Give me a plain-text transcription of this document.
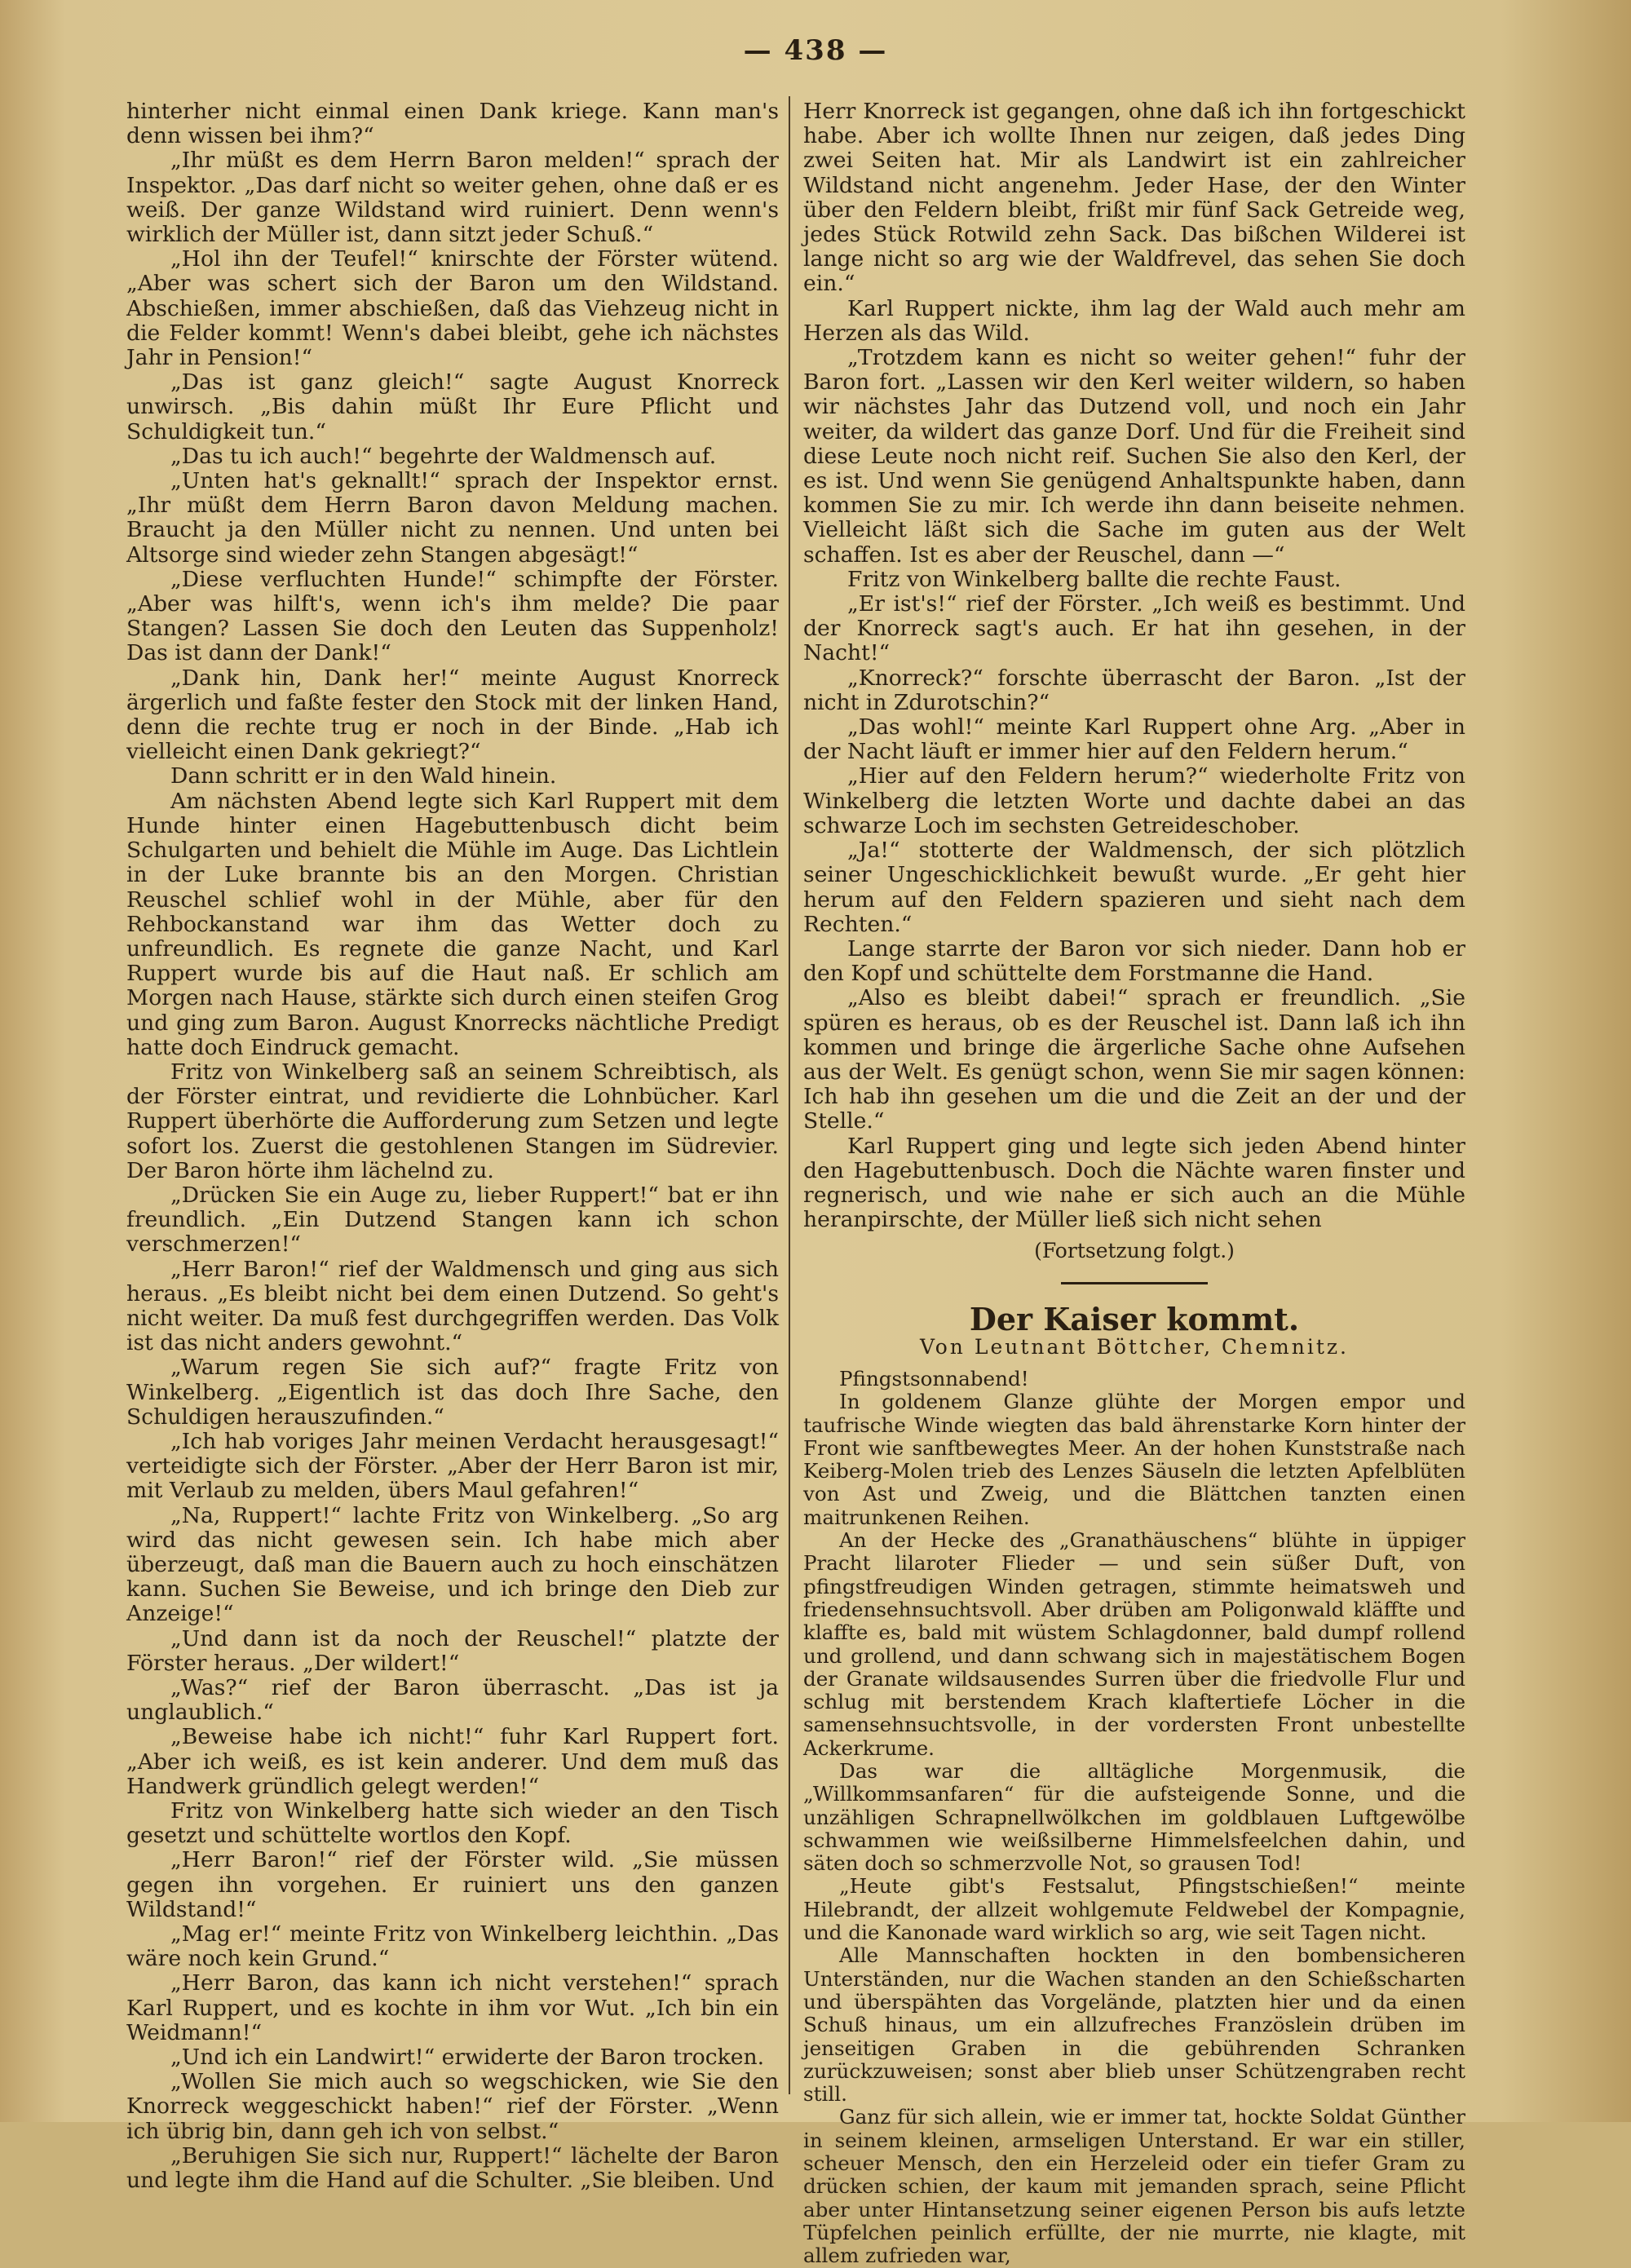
— 438 —

hinterher nicht einmal einen Dank kriege. Kann man's denn wissen bei ihm?“

„Ihr müßt es dem Herrn Baron melden!“ sprach der Inspektor. „Das darf nicht so weiter gehen, ohne daß er es weiß. Der ganze Wildstand wird ruiniert. Denn wenn's wirklich der Müller ist, dann sitzt jeder Schuß.“

„Hol ihn der Teufel!“ knirschte der Förster wütend. „Aber was schert sich der Baron um den Wildstand. Abschießen, immer abschießen, daß das Viehzeug nicht in die Felder kommt! Wenn's dabei bleibt, gehe ich nächstes Jahr in Pension!“

„Das ist ganz gleich!“ sagte August Knorreck unwirsch. „Bis dahin müßt Ihr Eure Pflicht und Schuldigkeit tun.“

„Das tu ich auch!“ begehrte der Waldmensch auf.

„Unten hat's geknallt!“ sprach der Inspektor ernst. „Ihr müßt dem Herrn Baron davon Meldung machen. Braucht ja den Müller nicht zu nennen. Und unten bei Altsorge sind wieder zehn Stangen abgesägt!“

„Diese verfluchten Hunde!“ schimpfte der Förster. „Aber was hilft's, wenn ich's ihm melde? Die paar Stangen? Lassen Sie doch den Leuten das Suppenholz! Das ist dann der Dank!“

„Dank hin, Dank her!“ meinte August Knorreck ärgerlich und faßte fester den Stock mit der linken Hand, denn die rechte trug er noch in der Binde. „Hab ich vielleicht einen Dank gekriegt?“

Dann schritt er in den Wald hinein.

Am nächsten Abend legte sich Karl Ruppert mit dem Hunde hinter einen Hagebuttenbusch dicht beim Schulgarten und behielt die Mühle im Auge. Das Lichtlein in der Luke brannte bis an den Morgen. Christian Reuschel schlief wohl in der Mühle, aber für den Rehbockanstand war ihm das Wetter doch zu unfreundlich. Es regnete die ganze Nacht, und Karl Ruppert wurde bis auf die Haut naß. Er schlich am Morgen nach Hause, stärkte sich durch einen steifen Grog und ging zum Baron. August Knorrecks nächtliche Predigt hatte doch Eindruck gemacht.

Fritz von Winkelberg saß an seinem Schreibtisch, als der Förster eintrat, und revidierte die Lohnbücher. Karl Ruppert überhörte die Aufforderung zum Setzen und legte sofort los. Zuerst die gestohlenen Stangen im Südrevier. Der Baron hörte ihm lächelnd zu.

„Drücken Sie ein Auge zu, lieber Ruppert!“ bat er ihn freundlich. „Ein Dutzend Stangen kann ich schon verschmerzen!“

„Herr Baron!“ rief der Waldmensch und ging aus sich heraus. „Es bleibt nicht bei dem einen Dutzend. So geht's nicht weiter. Da muß fest durchgegriffen werden. Das Volk ist das nicht anders gewohnt.“

„Warum regen Sie sich auf?“ fragte Fritz von Winkelberg. „Eigentlich ist das doch Ihre Sache, den Schuldigen herauszufinden.“

„Ich hab voriges Jahr meinen Verdacht herausgesagt!“ verteidigte sich der Förster. „Aber der Herr Baron ist mir, mit Verlaub zu melden, übers Maul gefahren!“

„Na, Ruppert!“ lachte Fritz von Winkelberg. „So arg wird das nicht gewesen sein. Ich habe mich aber überzeugt, daß man die Bauern auch zu hoch einschätzen kann. Suchen Sie Beweise, und ich bringe den Dieb zur Anzeige!“

„Und dann ist da noch der Reuschel!“ platzte der Förster heraus. „Der wildert!“

„Was?“ rief der Baron überrascht. „Das ist ja unglaublich.“

„Beweise habe ich nicht!“ fuhr Karl Ruppert fort. „Aber ich weiß, es ist kein anderer. Und dem muß das Handwerk gründlich gelegt werden!“

Fritz von Winkelberg hatte sich wieder an den Tisch gesetzt und schüttelte wortlos den Kopf.

„Herr Baron!“ rief der Förster wild. „Sie müssen gegen ihn vorgehen. Er ruiniert uns den ganzen Wildstand!“

„Mag er!“ meinte Fritz von Winkelberg leichthin. „Das wäre noch kein Grund.“

„Herr Baron, das kann ich nicht verstehen!“ sprach Karl Ruppert, und es kochte in ihm vor Wut. „Ich bin ein Weidmann!“

„Und ich ein Landwirt!“ erwiderte der Baron trocken.

„Wollen Sie mich auch so wegschicken, wie Sie den Knorreck weggeschickt haben!“ rief der Förster. „Wenn ich übrig bin, dann geh ich von selbst.“

„Beruhigen Sie sich nur, Ruppert!“ lächelte der Baron und legte ihm die Hand auf die Schulter. „Sie bleiben. Und

Herr Knorreck ist gegangen, ohne daß ich ihn fortgeschickt habe. Aber ich wollte Ihnen nur zeigen, daß jedes Ding zwei Seiten hat. Mir als Landwirt ist ein zahlreicher Wildstand nicht angenehm. Jeder Hase, der den Winter über den Feldern bleibt, frißt mir fünf Sack Getreide weg, jedes Stück Rotwild zehn Sack. Das bißchen Wilderei ist lange nicht so arg wie der Waldfrevel, das sehen Sie doch ein.“

Karl Ruppert nickte, ihm lag der Wald auch mehr am Herzen als das Wild.

„Trotzdem kann es nicht so weiter gehen!“ fuhr der Baron fort. „Lassen wir den Kerl weiter wildern, so haben wir nächstes Jahr das Dutzend voll, und noch ein Jahr weiter, da wildert das ganze Dorf. Und für die Freiheit sind diese Leute noch nicht reif. Suchen Sie also den Kerl, der es ist. Und wenn Sie genügend Anhaltspunkte haben, dann kommen Sie zu mir. Ich werde ihn dann beiseite nehmen. Vielleicht läßt sich die Sache im guten aus der Welt schaffen. Ist es aber der Reuschel, dann —“

Fritz von Winkelberg ballte die rechte Faust.

„Er ist's!“ rief der Förster. „Ich weiß es bestimmt. Und der Knorreck sagt's auch. Er hat ihn gesehen, in der Nacht!“

„Knorreck?“ forschte überrascht der Baron. „Ist der nicht in Zdurotschin?“

„Das wohl!“ meinte Karl Ruppert ohne Arg. „Aber in der Nacht läuft er immer hier auf den Feldern herum.“

„Hier auf den Feldern herum?“ wiederholte Fritz von Winkelberg die letzten Worte und dachte dabei an das schwarze Loch im sechsten Getreideschober.

„Ja!“ stotterte der Waldmensch, der sich plötzlich seiner Ungeschicklichkeit bewußt wurde. „Er geht hier herum auf den Feldern spazieren und sieht nach dem Rechten.“

Lange starrte der Baron vor sich nieder. Dann hob er den Kopf und schüttelte dem Forstmanne die Hand.

„Also es bleibt dabei!“ sprach er freundlich. „Sie spüren es heraus, ob es der Reuschel ist. Dann laß ich ihn kommen und bringe die ärgerliche Sache ohne Aufsehen aus der Welt. Es genügt schon, wenn Sie mir sagen können: Ich hab ihn gesehen um die und die Zeit an der und der Stelle.“

Karl Ruppert ging und legte sich jeden Abend hinter den Hagebuttenbusch. Doch die Nächte waren finster und regnerisch, und wie nahe er sich auch an die Mühle heranpirschte, der Müller ließ sich nicht sehen

(Fortsetzung folgt.)
Der Kaiser kommt.
Von Leutnant Böttcher, Chemnitz.

Pfingstsonnabend!

In goldenem Glanze glühte der Morgen empor und taufrische Winde wiegten das bald ährenstarke Korn hinter der Front wie sanftbewegtes Meer. An der hohen Kunststraße nach Keiberg-Molen trieb des Lenzes Säuseln die letzten Apfelblüten von Ast und Zweig, und die Blättchen tanzten einen maitrunkenen Reihen.

An der Hecke des „Granathäuschens“ blühte in üppiger Pracht lilaroter Flieder — und sein süßer Duft, von pfingstfreudigen Winden getragen, stimmte heimatsweh und friedensehnsuchtsvoll. Aber drüben am Poligonwald kläffte und klaffte es, bald mit wüstem Schlagdonner, bald dumpf rollend und grollend, und dann schwang sich in majestätischem Bogen der Granate wildsausendes Surren über die friedvolle Flur und schlug mit berstendem Krach klaftertiefe Löcher in die samensehnsuchtsvolle, in der vordersten Front unbestellte Ackerkrume.

Das war die alltägliche Morgenmusik, die „Willkommsanfaren“ für die aufsteigende Sonne, und die unzähligen Schrapnellwölkchen im goldblauen Luftgewölbe schwammen wie weißsilberne Himmelsfeelchen dahin, und säten doch so schmerzvolle Not, so grausen Tod!

„Heute gibt's Festsalut, Pfingstschießen!“ meinte Hilebrandt, der allzeit wohlgemute Feldwebel der Kompagnie, und die Kanonade ward wirklich so arg, wie seit Tagen nicht.

Alle Mannschaften hockten in den bombensicheren Unterständen, nur die Wachen standen an den Schießscharten und überspähten das Vorgelände, platzten hier und da einen Schuß hinaus, um ein allzufreches Französlein drüben im jenseitigen Graben in die gebührenden Schranken zurückzuweisen; sonst aber blieb unser Schützengraben recht still.

Ganz für sich allein, wie er immer tat, hockte Soldat Günther in seinem kleinen, armseligen Unterstand. Er war ein stiller, scheuer Mensch, den ein Herzeleid oder ein tiefer Gram zu drücken schien, der kaum mit jemanden sprach, seine Pflicht aber unter Hintansetzung seiner eigenen Person bis aufs letzte Tüpfelchen peinlich erfüllte, der nie murrte, nie klagte, mit allem zufrieden war,
